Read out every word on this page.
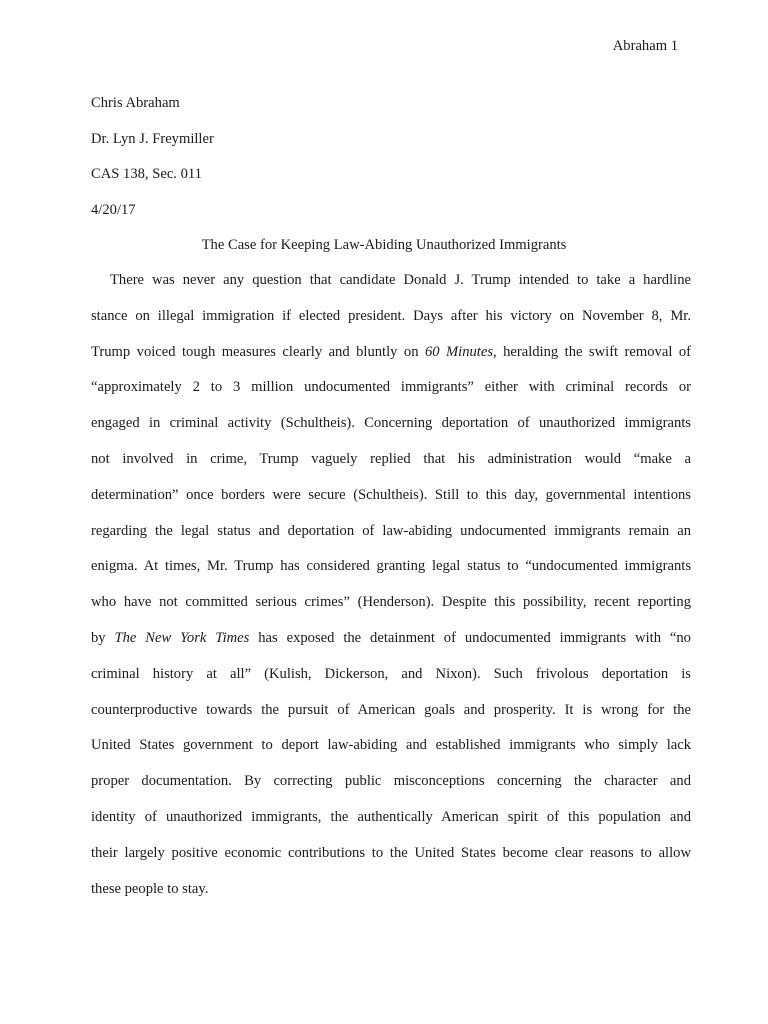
Abraham 1
Chris Abraham
Dr. Lyn J. Freymiller
CAS 138, Sec. 011
4/20/17
The Case for Keeping Law-Abiding Unauthorized Immigrants
There was never any question that candidate Donald J. Trump intended to take a hardline
stance on illegal immigration if elected president. Days after his victory on November 8, Mr.
Trump voiced tough measures clearly and bluntly on 60 Minutes, heralding the swift removal of
“approximately 2 to 3 million undocumented immigrants” either with criminal records or
engaged in criminal activity (Schultheis). Concerning deportation of unauthorized immigrants
not involved in crime, Trump vaguely replied that his administration would “make a
determination” once borders were secure (Schultheis). Still to this day, governmental intentions
regarding the legal status and deportation of law-abiding undocumented immigrants remain an
enigma. At times, Mr. Trump has considered granting legal status to “undocumented immigrants
who have not committed serious crimes” (Henderson). Despite this possibility, recent reporting
by The New York Times has exposed the detainment of undocumented immigrants with “no
criminal history at all” (Kulish, Dickerson, and Nixon). Such frivolous deportation is
counterproductive towards the pursuit of American goals and prosperity. It is wrong for the
United States government to deport law-abiding and established immigrants who simply lack
proper documentation. By correcting public misconceptions concerning the character and
identity of unauthorized immigrants, the authentically American spirit of this population and
their largely positive economic contributions to the United States become clear reasons to allow
these people to stay.
